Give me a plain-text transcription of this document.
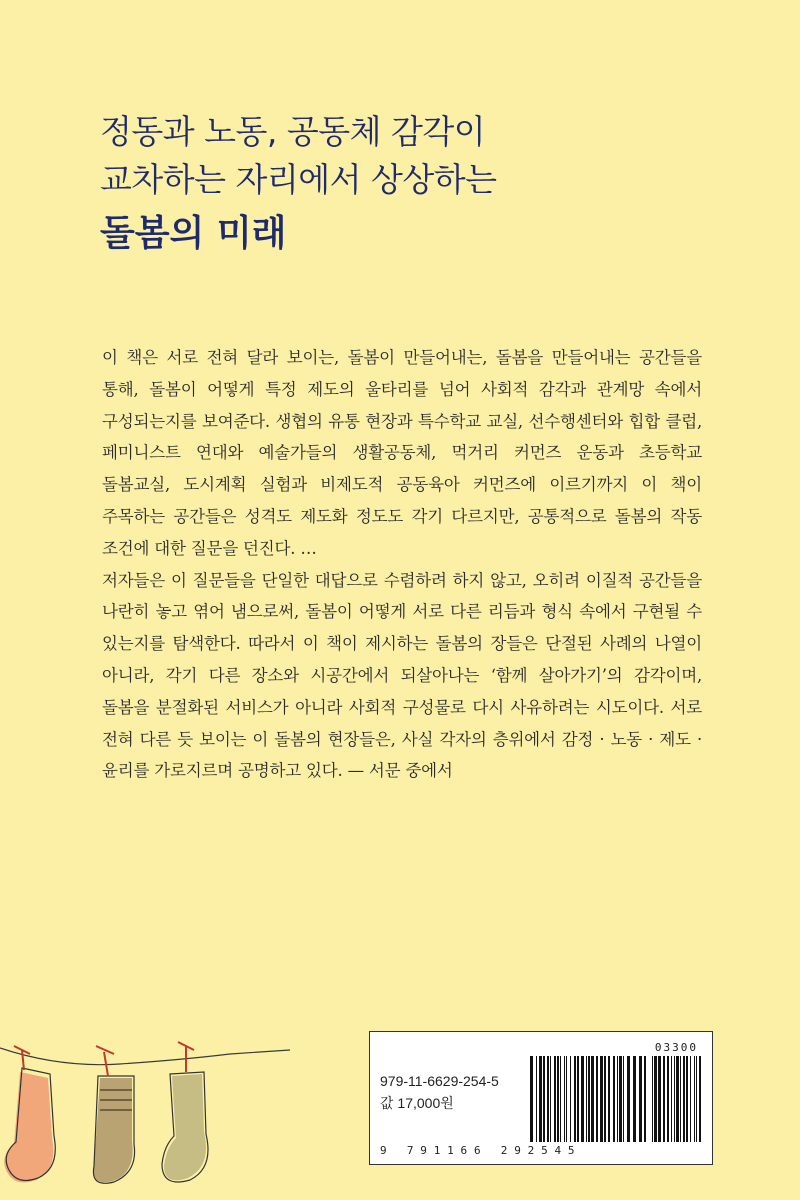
정동과 노동, 공동체 감각이
교차하는 자리에서 상상하는
돌봄의 미래

이 책은 서로 전혀 달라 보이는, 돌봄이 만들어내는, 돌봄을 만들어내는 공간들을 통해, 돌봄이 어떻게 특정 제도의 울타리를 넘어 사회적 감각과 관계망 속에서 구성되는지를 보여준다. 생협의 유통 현장과 특수학교 교실, 선수행센터와 힙합 클럽, 페미니스트 연대와 예술가들의 생활공동체, 먹거리 커먼즈 운동과 초등학교 돌봄교실, 도시계획 실험과 비제도적 공동육아 커먼즈에 이르기까지 이 책이 주목하는 공간들은 성격도 제도화 정도도 각기 다르지만, 공통적으로 돌봄의 작동 조건에 대한 질문을 던진다. …

저자들은 이 질문들을 단일한 대답으로 수렴하려 하지 않고, 오히려 이질적 공간들을 나란히 놓고 엮어 냄으로써, 돌봄이 어떻게 서로 다른 리듬과 형식 속에서 구현될 수 있는지를 탐색한다. 따라서 이 책이 제시하는 돌봄의 장들은 단절된 사례의 나열이 아니라, 각기 다른 장소와 시공간에서 되살아나는 ‘함께 살아가기’의 감각이며, 돌봄을 분절화된 서비스가 아니라 사회적 구성물로 다시 사유하려는 시도이다. 서로 전혀 다른 듯 보이는 이 돌봄의 현장들은, 사실 각자의 층위에서 감정 · 노동 · 제도 · 윤리를 가로지르며 공명하고 있다. — 서문 중에서

03300
979-11-6629-254-5
값 17,000원
9 791166 292545
